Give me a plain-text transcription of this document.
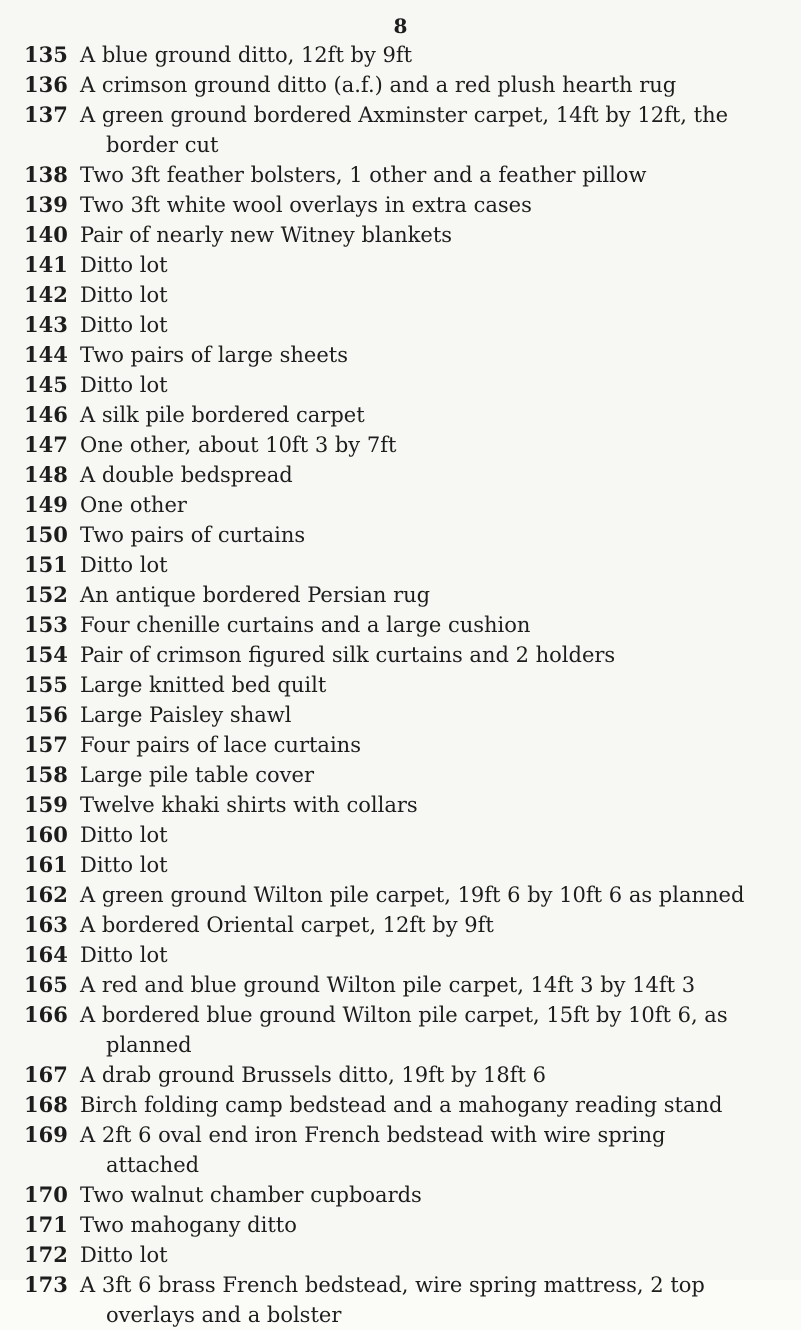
8
135 A blue ground ditto, 12ft by 9ft
136 A crimson ground ditto (a.f.) and a red plush hearth rug
137 A green ground bordered Axminster carpet, 14ft by 12ft, the
border cut
138 Two 3ft feather bolsters, 1 other and a feather pillow
139 Two 3ft white wool overlays in extra cases
140 Pair of nearly new Witney blankets
141 Ditto lot
142 Ditto lot
143 Ditto lot
144 Two pairs of large sheets
145 Ditto lot
146 A silk pile bordered carpet
147 One other, about 10ft 3 by 7ft
148 A double bedspread
149 One other
150 Two pairs of curtains
151 Ditto lot
152 An antique bordered Persian rug
153 Four chenille curtains and a large cushion
154 Pair of crimson figured silk curtains and 2 holders
155 Large knitted bed quilt
156 Large Paisley shawl
157 Four pairs of lace curtains
158 Large pile table cover
159 Twelve khaki shirts with collars
160 Ditto lot
161 Ditto lot
162 A green ground Wilton pile carpet, 19ft 6 by 10ft 6 as planned
163 A bordered Oriental carpet, 12ft by 9ft
164 Ditto lot
165 A red and blue ground Wilton pile carpet, 14ft 3 by 14ft 3
166 A bordered blue ground Wilton pile carpet, 15ft by 10ft 6, as
planned
167 A drab ground Brussels ditto, 19ft by 18ft 6
168 Birch folding camp bedstead and a mahogany reading stand
169 A 2ft 6 oval end iron French bedstead with wire spring
attached
170 Two walnut chamber cupboards
171 Two mahogany ditto
172 Ditto lot
173 A 3ft 6 brass French bedstead, wire spring mattress, 2 top
overlays and a bolster
